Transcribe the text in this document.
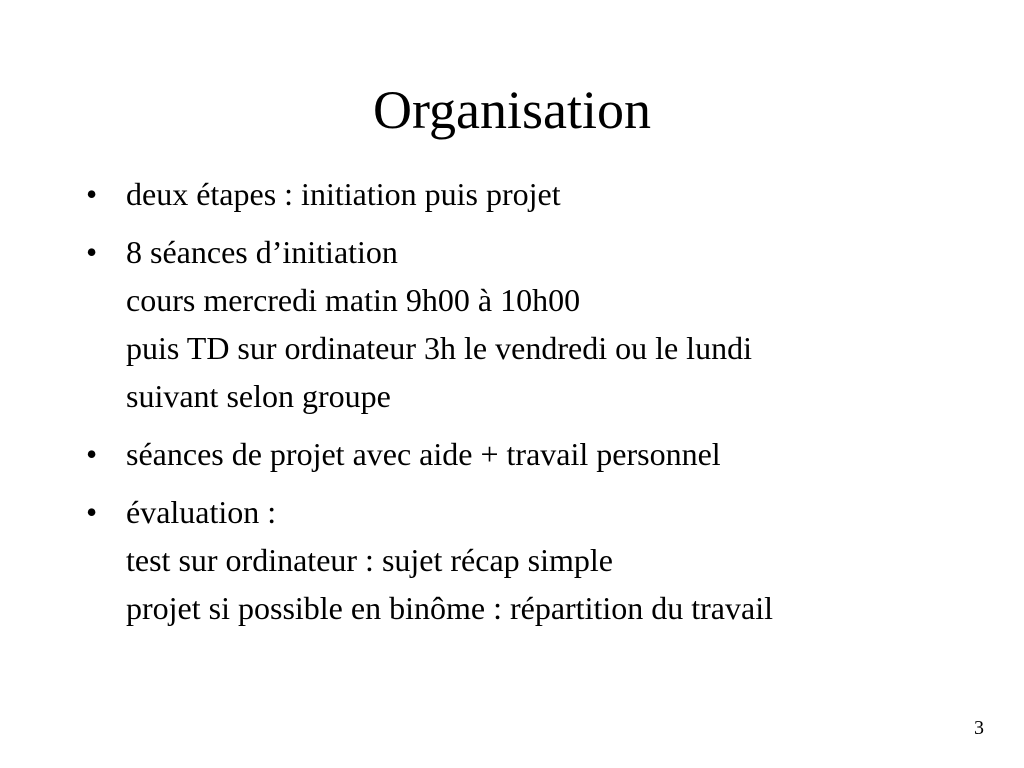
Organisation
• deux étapes : initiation puis projet
• 8 séances d’initiation
cours mercredi matin 9h00 à 10h00
puis TD sur ordinateur 3h le vendredi ou le lundi
suivant selon groupe
• séances de projet avec aide + travail personnel
• évaluation :
test sur ordinateur : sujet récap simple
projet si possible en binôme : répartition du travail
3
